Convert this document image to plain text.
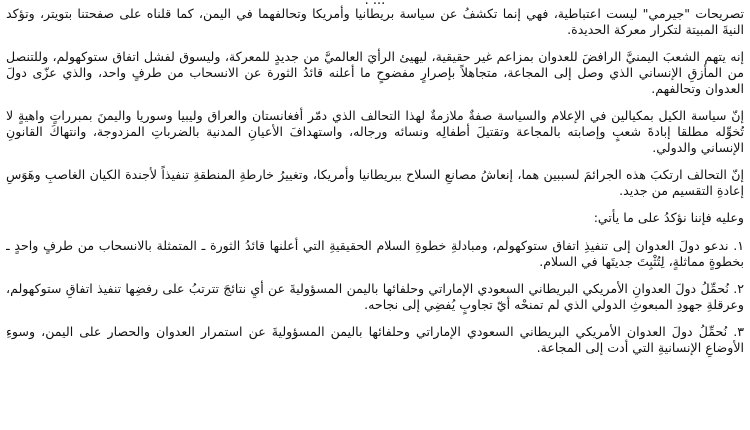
تصريحات "جيرمي" ليست اعتباطية، فهي إنما تكشفُ عن سياسة بريطانيا وأمريكا وتحالفهما في اليمن، كما قلناه على صفحتنا بتويتر، وتؤكد النيةَ المبيتة لتكرار معركة الحديدة.

إنه يتهم الشعبَ اليمنيَّ الرافضَ للعدوان بمزاعم غير حقيقية، ليهيئ الرأيَ العالميَّ من جديدٍ للمعركة، وليسوق لفشل اتفاق ستوكهولم، وللتنصل من المأزقِ الإنساني الذي وصل إلى المجاعة، متجاهلاً بإصرارٍ مفضوحٍ ما أعلنه قائدُ الثورة عن الانسحاب من طرفٍ واحد، والذي عزّى دولَ العدوان وتحالفهم.

إنّ سياسة الكيل بمكيالين في الإعلام والسياسة صفةٌ ملازمةٌ لهذا التحالف الذي دمّر أفغانستان والعراق وليبيا وسوريا واليمنَ بمبرراتٍ واهيةٍ لا تُخوِّله مطلقا إبادةَ شعبٍ وإصابته بالمجاعة وتقتيلَ أطفالِه ونسائه ورجاله، واستهدافَ الأعيانِ المدنية بالضرباتِ المزدوجة، وانتهاكَ القانونِ الإنساني والدولي.

إنّ التحالف ارتكبَ هذه الجرائمَ لسببين هما، إنعاشُ مصانعِ السلاح ببريطانيا وأمريكا، وتغييرُ خارطةِ المنطقةِ تنفيذاً لأجندة الكيان الغاصبِ وهَوَسِ إعادةِ التقسيم من جديد.

وعليه فإننا نؤكدُ على ما يأتي:

١. ندعو دولَ العدوان إلى تنفيذِ اتفاق ستوكهولم، ومبادلةِ خطوةِ السلام الحقيقيةِ التي أعلنها قائدُ الثورة ـ المتمثلة بالانسحاب من طرفٍ واحدٍ ـ بخطوةٍ مماثلةٍ، لِتُثْبِتَ جديتَها في السلام.

٢. نُحمِّلُ دولَ العدوانِ الأمريكي البريطاني السعودي الإماراتي وحلفائها باليمن المسؤوليةَ عن أيِ نتائجَ تترتبُ على رفضِها تنفيذ اتفاقِ ستوكهولم، وعرقلةِ جهودِ المبعوثِ الدولي الذي لم تمنحْه أيّ تجاوبٍ يُفضِي إلى نجاحه.

٣. نُحمِّلُ دولَ العدوان الأمريكي البريطاني السعودي الإماراتي وحلفائها باليمن المسؤوليةَ عن استمرار العدوان والحصار على اليمن، وسوءِ الأوضاعِ الإنسانيةِ التي أدت إلى المجاعة.
